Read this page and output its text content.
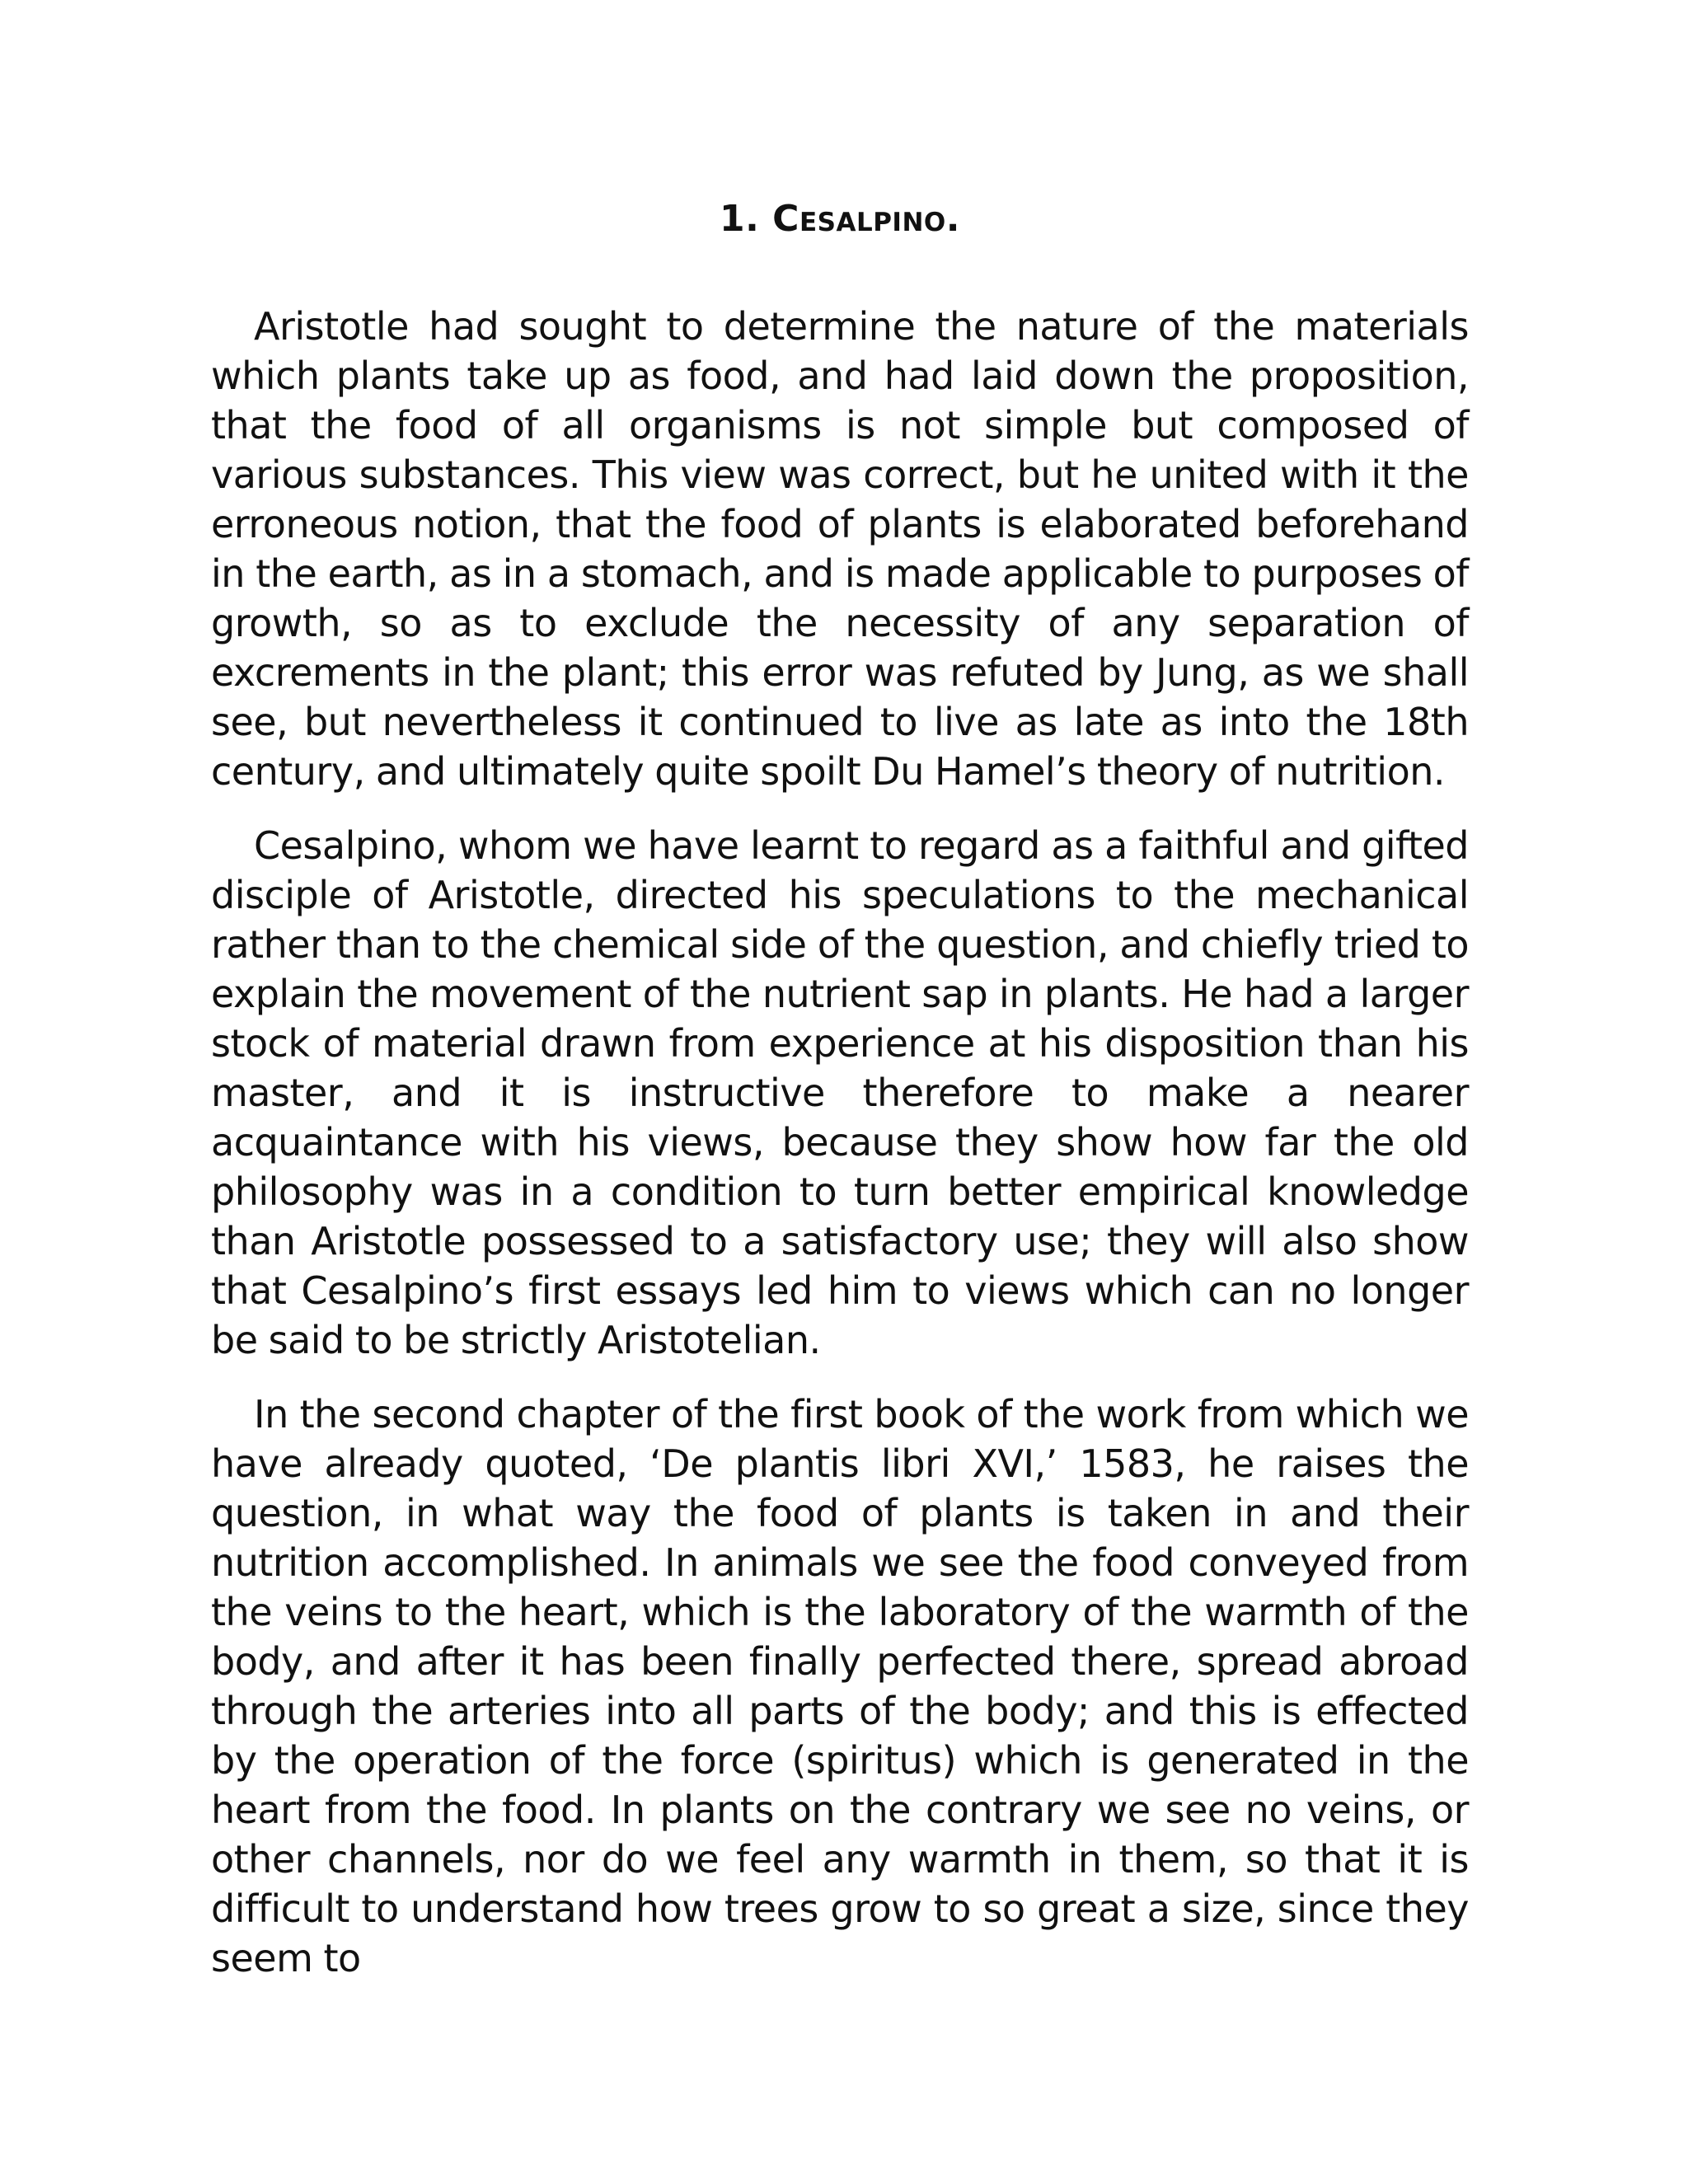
1. Cesalpino.

Aristotle had sought to determine the nature of the materials which plants take up as food, and had laid down the proposition, that the food of all organisms is not simple but composed of various substances. This view was correct, but he united with it the erroneous notion, that the food of plants is elaborated beforehand in the earth, as in a stomach, and is made applicable to purposes of growth, so as to exclude the necessity of any separation of excrements in the plant; this error was refuted by Jung, as we shall see, but nevertheless it continued to live as late as into the 18th century, and ultimately quite spoilt Du Hamel’s theory of nutrition.

Cesalpino, whom we have learnt to regard as a faithful and gifted disciple of Aristotle, directed his speculations to the mechanical rather than to the chemical side of the question, and chiefly tried to explain the movement of the nutrient sap in plants. He had a larger stock of material drawn from experience at his disposition than his master, and it is instructive therefore to make a nearer acquaintance with his views, because they show how far the old philosophy was in a condition to turn better empirical knowledge than Aristotle possessed to a satisfactory use; they will also show that Cesalpino’s first essays led him to views which can no longer be said to be strictly Aristotelian.

In the second chapter of the first book of the work from which we have already quoted, ‘De plantis libri XVI,’ 1583, he raises the question, in what way the food of plants is taken in and their nutrition accomplished. In animals we see the food conveyed from the veins to the heart, which is the laboratory of the warmth of the body, and after it has been finally perfected there, spread abroad through the arteries into all parts of the body; and this is effected by the operation of the force (spiritus) which is generated in the heart from the food. In plants on the contrary we see no veins, or other channels, nor do we feel any warmth in them, so that it is difficult to understand how trees grow to so great a size, since they seem to
